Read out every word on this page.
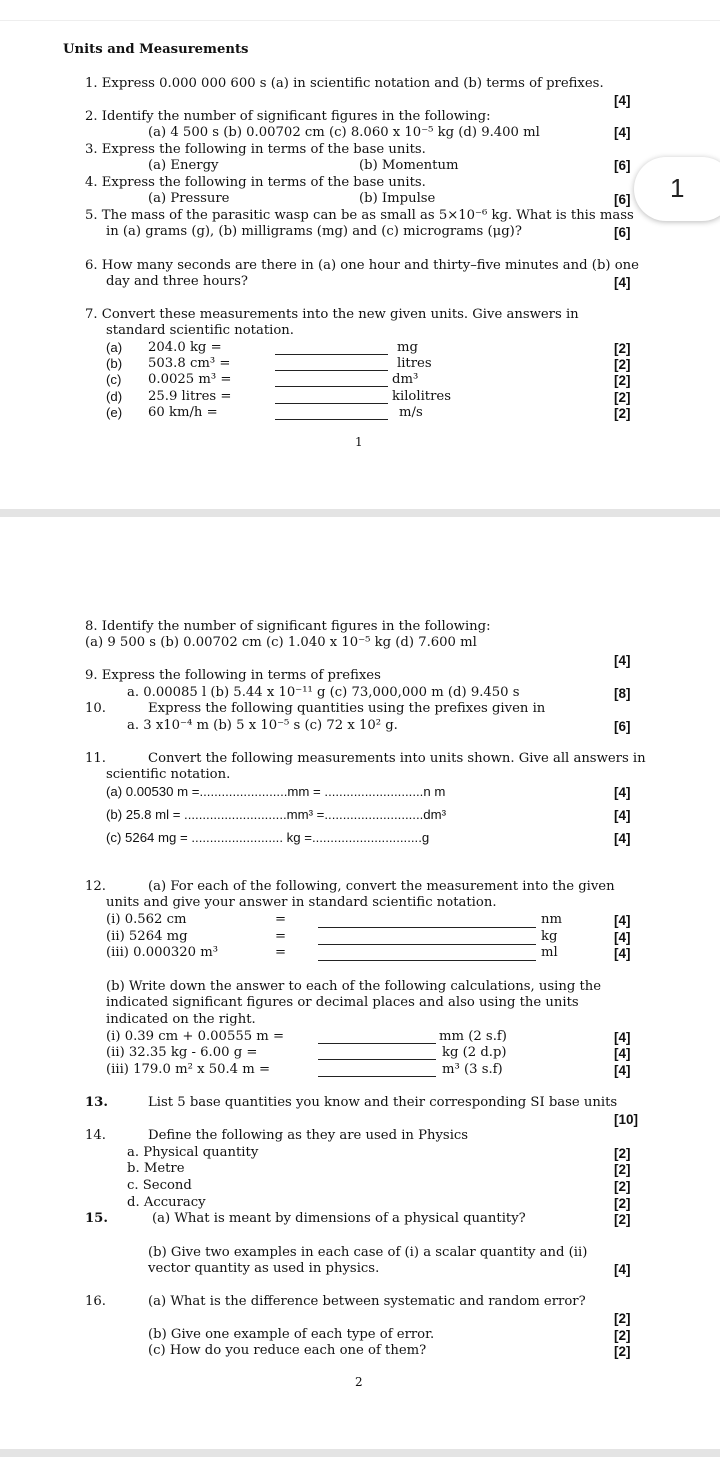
Units and Measurements
1. Express 0.000 000 600 s (a) in scientific notation and (b) terms of prefixes.
[4]
2. Identify the number of significant figures in the following:
(a) 4 500 s (b) 0.00702 cm (c) 8.060 x 10⁻⁵ kg (d) 9.400 ml	[4]
3. Express the following in terms of the base units.
(a) Energy	(b) Momentum	[6]
4. Express the following in terms of the base units.
(a) Pressure	(b) Impulse	[6]
5. The mass of the parasitic wasp can be as small as 5×10⁻⁶ kg. What is this mass
in (a) grams (g), (b) milligrams (mg) and (c) micrograms (μg)?	[6]
6. How many seconds are there in (a) one hour and thirty–five minutes and (b) one
day and three hours?	[4]
7. Convert these measurements into the new given units. Give answers in
standard scientific notation.
(a) 204.0 kg =	mg	[2]
(b) 503.8 cm³ =	litres	[2]
(c) 0.0025 m³ =	dm³	[2]
(d) 25.9 litres =	kilolitres	[2]
(e) 60 km/h =	m/s	[2]
1
1
8. Identify the number of significant figures in the following:
(a) 9 500 s (b) 0.00702 cm (c) 1.040 x 10⁻⁵ kg (d) 7.600 ml
[4]
9. Express the following in terms of prefixes
a. 0.00085 l (b) 5.44 x 10⁻¹¹ g (c) 73,000,000 m (d) 9.450 s	[8]
10.	Express the following quantities using the prefixes given in
a. 3 x10⁻⁴ m (b) 5 x 10⁻⁵ s (c) 72 x 10² g.	[6]
11.	Convert the following measurements into units shown. Give all answers in
scientific notation.
(a) 0.00530 m =........................mm = ...........................n m	[4]
(b) 25.8 ml = ............................mm³ =...........................dm³	[4]
(c) 5264 mg = ......................... kg =..............................g	[4]
12.	(a) For each of the following, convert the measurement into the given
units and give your answer in standard scientific notation.
(i) 0.562 cm	=	nm	[4]
(ii) 5264 mg	=	kg	[4]
(iii) 0.000320 m³	=	ml	[4]
(b) Write down the answer to each of the following calculations, using the
indicated significant figures or decimal places and also using the units
indicated on the right.
(i) 0.39 cm + 0.00555 m =	mm (2 s.f)	[4]
(ii) 32.35 kg - 6.00 g =	kg (2 d.p)	[4]
(iii) 179.0 m² x 50.4 m =	m³ (3 s.f)	[4]
13.	List 5 base quantities you know and their corresponding SI base units
[10]
14.	Define the following as they are used in Physics
a. Physical quantity	[2]
b. Metre	[2]
c. Second	[2]
d. Accuracy	[2]
15.	(a) What is meant by dimensions of a physical quantity?	[2]
(b) Give two examples in each case of (i) a scalar quantity and (ii)
vector quantity as used in physics.	[4]
16.	(a) What is the difference between systematic and random error?
[2]
(b) Give one example of each type of error.	[2]
(c) How do you reduce each one of them?	[2]
2
